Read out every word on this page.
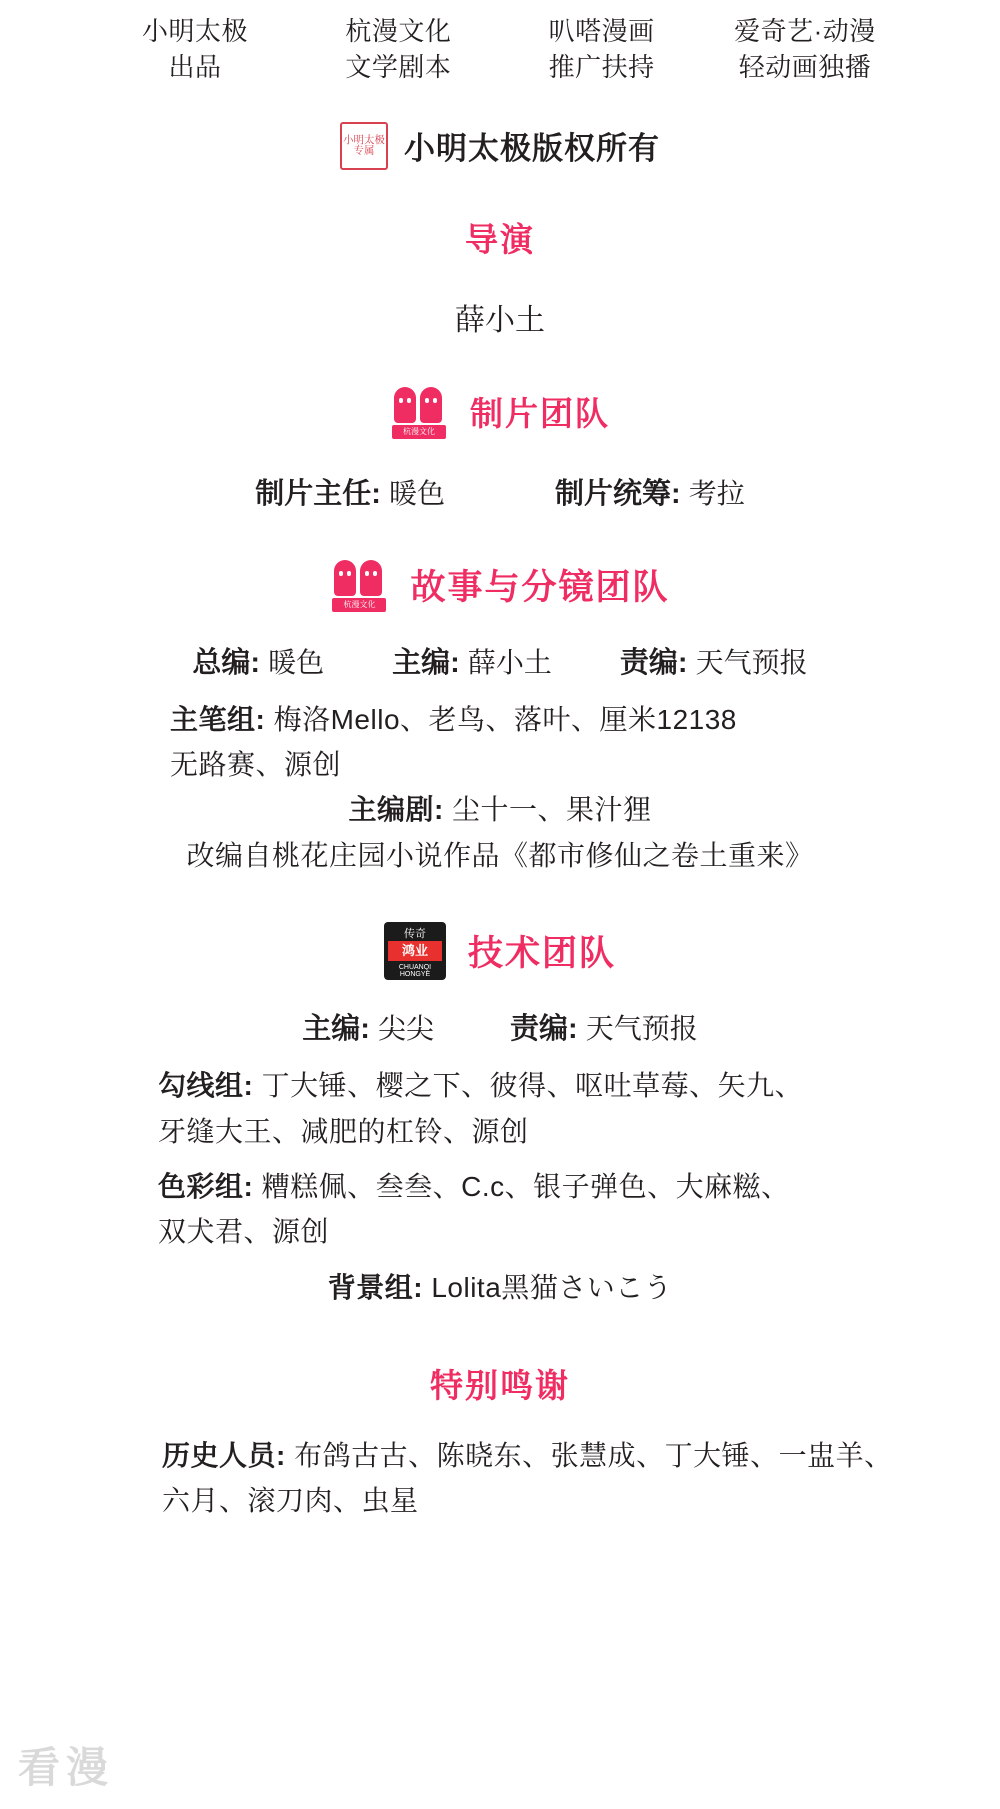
小明太极
出品
杭漫文化
文学剧本
叭嗒漫画
推广扶持
爱奇艺·动漫
轻动画独播
小明太极专属 小明太极版权所有
导演
薛小土
杭漫文化	制片团队
制片主任: 暖色	制片统筹: 考拉
杭漫文化	故事与分镜团队
总编: 暖色 主编: 薛小土 责编: 天气预报
主笔组: 梅洛Mello、老鸟、落叶、厘米12138
无路赛、源创
主编剧: 尘十一、果汁狸
改编自桃花庄园小说作品《都市修仙之卷土重来》
传奇
鸿业
CHUANQI HONGYE
技术团队
主编: 尖尖	责编: 天气预报
勾线组: 丁大锤、樱之下、彼得、呕吐草莓、矢九、
牙缝大王、减肥的杠铃、源创
色彩组: 糟糕佩、叁叁、C.c、银子弹色、大麻糍、
双犬君、源创
背景组: Lolita黑猫さいこう
特别鸣谢
历史人员: 布鸽古古、陈晓东、张慧成、丁大锤、一盅羊、
六月、滚刀肉、虫星
看漫
